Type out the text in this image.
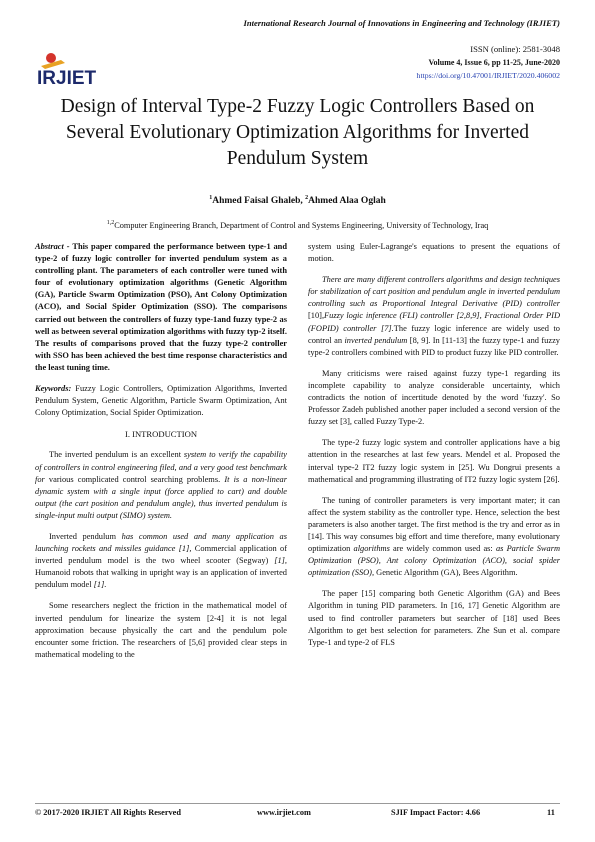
International Research Journal of Innovations in Engineering and Technology (IRJIET)
IRJIET
ISSN (online): 2581-3048
Volume 4, Issue 6, pp 11-25, June-2020
https://doi.org/10.47001/IRJIET/2020.406002
Design of Interval Type-2 Fuzzy Logic Controllers Based on Several Evolutionary Optimization Algorithms for Inverted Pendulum System
$^1$Ahmed Faisal Ghaleb, $^2$Ahmed Alaa Oglah
$^{1,2}$Computer Engineering Branch, Department of Control and Systems Engineering, University of Technology, Iraq

Abstract - This paper compared the performance between type-1 and type-2 of fuzzy logic controller for inverted pendulum system as a controlling plant. The parameters of each controller were tuned with four of evolutionary optimization algorithms (Genetic Algorithm (GA), Particle Swarm Optimization (PSO), Ant Colony Optimization (ACO), and Social Spider Optimization (SSO). The comparisons carried out between the controllers of fuzzy type-1and fuzzy type-2 as well as between several optimization algorithms with fuzzy typ-2 itself. The results of comparisons proved that the fuzzy type-2 controller with SSO has been achieved the best time response characteristics and the least tuning time.

Keywords: Fuzzy Logic Controllers, Optimization Algorithms, Inverted Pendulum System, Genetic Algorithm, Particle Swarm Optimization, Ant Colony Optimization, Social Spider Optimization.

I. INTRODUCTION

The inverted pendulum is an excellent system to verify the capability of controllers in control engineering filed, and a very good test benchmark for various complicated control searching problems. It is a non-linear dynamic system with a single input (force applied to cart) and double output (the cart position and pendulum angle), thus inverted pendulum is single-input multi output (SIMO) system.

Inverted pendulum has common used and many application as launching rockets and missiles guidance [1], Commercial application of inverted pendulum model is the two wheel scooter (Segway) [1], Humanoid robots that walking in upright way is an application of inverted pendulum model [1].

Some researchers neglect the friction in the mathematical model of inverted pendulum for linearize the system [2-4] it is not legal approximation because physically the cart and the pendulum pole encounter some friction. The researchers of [5,6] provided clear steps in mathematical modeling to the

system using Euler-Lagrange's equations to present the equations of motion.

There are many different controllers algorithms and design techniques for stabilization of cart position and pendulum angle in inverted pendulum controlling such as Proportional Integral Derivative (PID) controller [10],Fuzzy logic inference (FLI) controller [2,8,9], Fractional Order PID (FOPID) controller [7].The fuzzy logic inference are widely used to control an inverted pendulum [8, 9]. In [11-13] the fuzzy type-1 and fuzzy type-2 controllers combined with PID to product fuzzy like PID controller.

Many criticisms were raised against fuzzy type-1 regarding its incomplete capability to analyze considerable uncertainty, which contradicts the notion of incertitude denoted by the word 'fuzzy'. So Professor Zadeh published another paper included a second version of the fuzzy set [3], called Fuzzy Type-2.

The type-2 fuzzy logic system and controller applications have a big attention in the researches at last few years. Mendel et al. Proposed the interval type-2 IT2 fuzzy logic system in [25]. Wu Dongrui presents a mathematical and programming illustrating of IT2 fuzzy logic system [26].

The tuning of controller parameters is very important mater; it can affect the system stability as the controller type. Hence, selection the best parameters is also another target. The first method is the try and error as in [14]. This way consumes big effort and time therefore, many evolutionary optimization algorithms are widely common used as: as Particle Swarm Optimization (PSO), Ant colony Optimization (ACO), social spider optimization (SSO), Genetic Algorithm (GA), Bees Algorithm.

The paper [15] comparing both Genetic Algorithm (GA) and Bees Algorithm in tuning PID parameters. In [16, 17] Genetic Algorithm are used to find controller parameters but searcher of [18] used Bees Algorithm to get best selection for parameters. Zhe Sun et al. compare Type-1 and type-2 of FLS

© 2017-2020 IRJIET All Rights Reserved	www.irjiet.com	SJIF Impact Factor: 4.66	11
